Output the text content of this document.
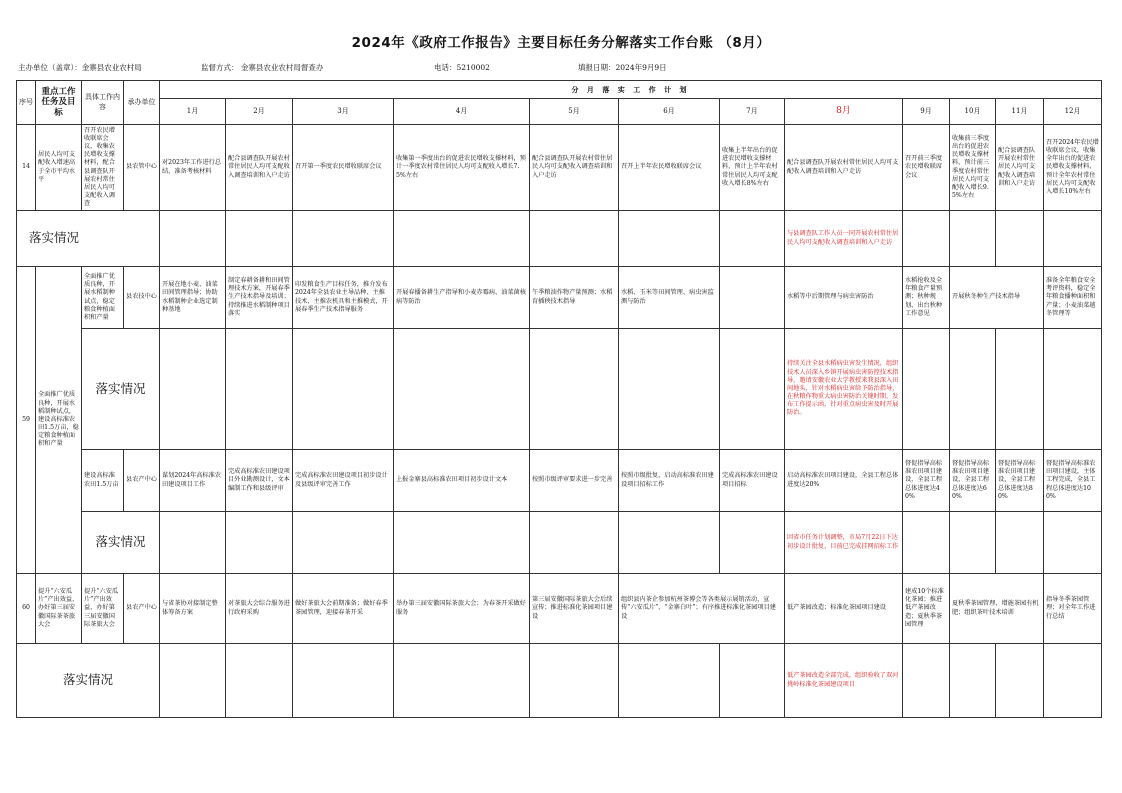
2024年《政府工作报告》主要目标任务分解落实工作台账 （8月）
主办单位（盖章）：金寨县农业农村局	监督方式： 金寨县农业农村局督查办	电话：5210002	填报日期：2024年9月9日
序号	重点工作任务及目标	具体工作内容	承办单位	分 月 落 实 工 作 计 划											
				1月	2月	3月	4月	5月	6月	7月	8月	9月	10月	11月	12月
14	居民人均可支配收入增速高于全市平均水平	召开农民增收联席会议，收集农民增收支撑材料，配合县调查队开展农村常住居民人均可支配收入调查	县农管中心	对2023年工作进行总结，准备考核材料	配合县调查队开展农村常住居民人均可支配收入调查培训和入户走访	召开第一季度农民增收联席会议	收集第一季度出台的促进农民增收支撑材料，预计一季度农村常住居民人均可支配收入增长7.5%左右	配合县调查队开展农村常住居民人均可支配收入调查培训和入户走访	召开上半年农民增收联席会议	收集上半年出台的促进农民增收支撑材料，预计上半年农村常住居民人均可支配收入增长8%左右	配合县调查队开展农村常住居民人均可支配收入调查培训和入户走访	召开前三季度农民增收联席会议	收集前三季度出台的促进农民增收支撑材料，预计前三季度农村常住居民人均可支配收入增长9.5%左右	配合县调查队开展农村常住居民人均可支配收入调查培训和入户走访	召开2024年农民增收联席会议，收集全年出台的促进农民增收支撑材料，预计全年农村常住居民人均可支配收入增长10%左右
落实情况											与县调查队工作人员一同开展农村常住居民人均可支配收入调查培训和入户走访				
59	全面推广优质良种，开展水稻制种试点，建设高标准农田1.5万亩，稳定粮食种植面积和产量	全面推广优质良种，开展水稻制种试点，稳定粮食种植面积和产量	县农技中心	开展在地小麦、油菜田间管理指导；协助水稻制种企业选定制种基地	制定春耕备耕和田间管理技术方案，开展春季生产技术指导及培训；持续推进水稻制种项目落实	印发粮食生产目标任务，推介发布2024年全县农业主导品种、主推技术、主推农机具和主推模式，开展春季生产技术指导服务	开展春播备耕生产指导和小麦赤霉病、油菜菌核病等防治	午季粮油作物产量预测；水稻育插秧技术指导	水稻、玉米等田间管理、病虫害监测与防治		水稻等中后期管理与病虫害防治	水稻抢收及全年粮食产量预测；秋种规划，出台秋种工作意见	开展秋冬种生产技术指导		准备全年粮食安全考评资料，稳定全年粮食播种面积和产量；小麦油菜越冬管理等
		落实情况									持续关注全县水稻病虫害发生情况，组织技术人员深入乡镇开展病虫害防控技术指导，邀请安徽农业大学教授来我县深入田间地头，针对水稻病虫害给予防治指导，在秋粮作物重大病虫害防治关键时期，发布工作提示函，针对重点病虫害及时开展防治。				
		建设高标准农田1.5万亩	县农产中心	谋划2024年高标准农田建设项目工作	完成高标准农田建设项目外业勘测设计，文本编制工作和县级评审	完成高标准农田建设项目初步设计及县级评审完善工作	上报金寨县高标准农田项目初步设计文本	按照市级评审要求进一步完善	按照市级批复，启动高标准农田建设项目招标工作	完成高标准农田建设项目招标	启动高标准农田项目建设，全县工程总体进度达20%	督促指导高标准农田项目建设，全县工程总体进度达40%	督促指导高标准农田项目建设，全县工程总体进度达60%	督促指导高标准农田项目建设，全县工程总体进度达80%	督促指导高标准农田项目建设，主体工程完成，全县工程总体进度达100%
		落实情况									因省市任务计划调整，市局7月22日下达初步设计批复，目前已完成挂网招标工作				
60	提升“六安瓜片”产出效益，办好第三届安徽国际茶茶旅大会	提升“六安瓜片”产出效益，办好第三届安徽国际茶旅大会	县农产中心	与省茶协对接制定整体筹备方案	对茶旅大会综合服务进行政府采购	做好茶旅大会前期准备；做好春季茶园管理，迎接春茶开采	举办第三届安徽国际茶旅大会；为春茶开采做好服务	第三届安徽国际茶旅大会后续宣传；推进标准化茶园项目建设	组织县内茶企参加杭州茶博会等各类展示展销活动，宣传“六安瓜片”、“金寨白叶”；有序推进标准化茶园项目建设		低产茶园改造；标准化茶园项目建设	建成10个标准化茶园；推进低产茶园改造；夏秋季茶园管理	夏秋季茶园管理，增施茶园有机肥；组织茶叶技术培训		指导冬季茶园管理；对全年工作进行总结
落实情况											低产茶园改造全部完成，组织验收了双河挑岭标准化茶园建设项目				
